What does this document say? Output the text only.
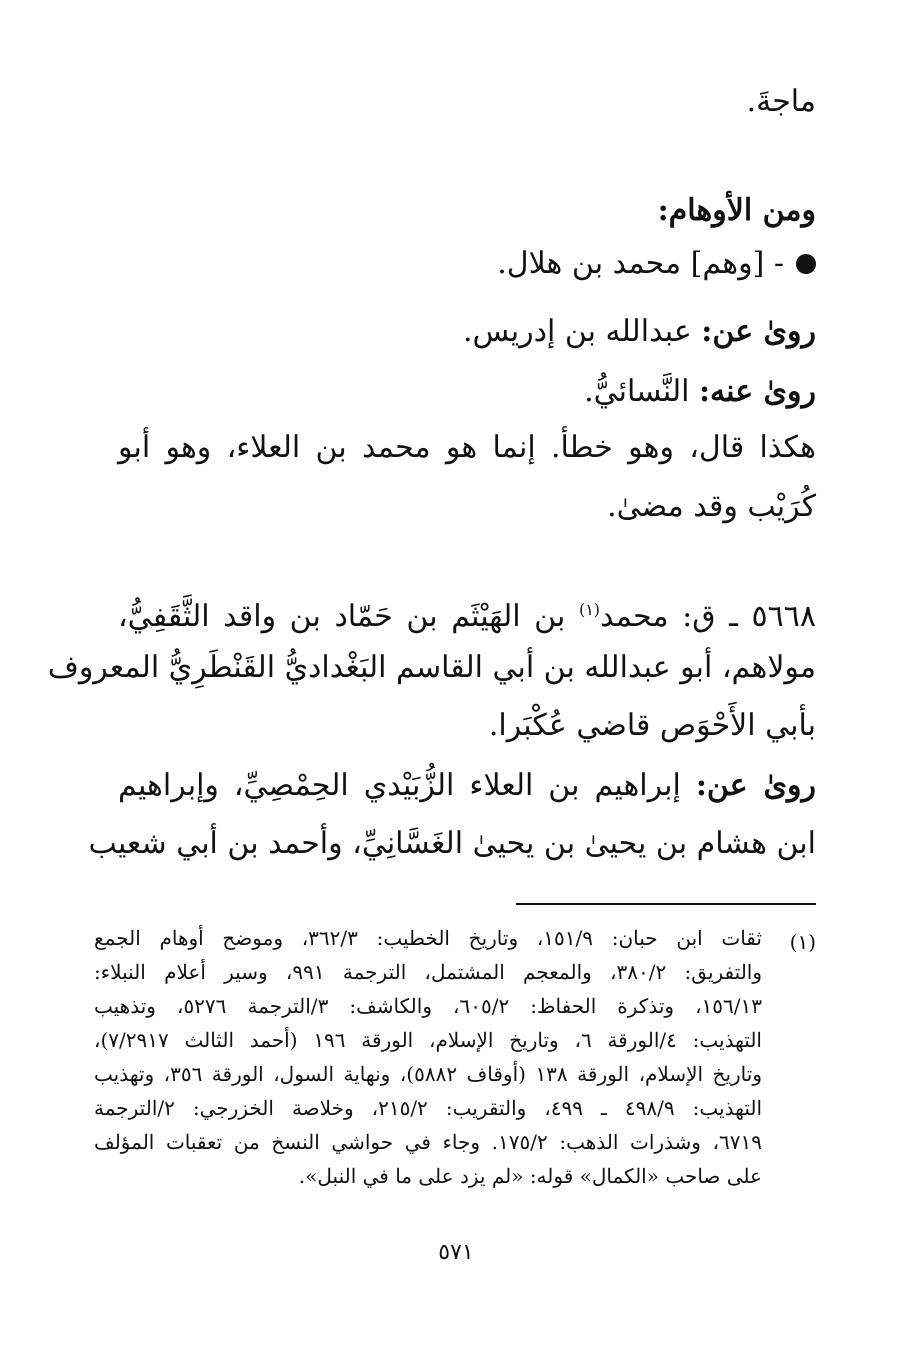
ماجةَ.
ومن الأوهام:
- [وهم] محمد بن هلال.
روىٰ عن: عبدالله بن إدريس.
روىٰ عنه: النَّسائيُّ.
هكذا قال، وهو خطأ. إنما هو محمد بن العلاء، وهو أبو
كُرَيْب وقد مضىٰ.
٥٦٦٨ ـ ق: محمد$^{(١)}$ بن الهَيْثَم بن حَمّاد بن واقد الثَّقَفِيُّ،
مولاهم، أبو عبدالله بن أبي القاسم البَغْداديُّ القَنْطَرِيُّ المعروف
بأبي الأَحْوَص قاضي عُكْبَرا.
روىٰ عن: إبراهيم بن العلاء الزُّبَيْدي الحِمْصِيِّ، وإبراهيم
ابن هشام بن يحيىٰ بن يحيىٰ الغَسَّانِيِّ، وأحمد بن أبي شعيب
(١)
ثقات ابن حبان: ١٥١/٩، وتاريخ الخطيب: ٣٦٢/٣، وموضح أوهام الجمع
والتفريق: ٣٨٠/٢، والمعجم المشتمل، الترجمة ٩٩١، وسير أعلام النبلاء:
١٥٦/١٣، وتذكرة الحفاظ: ٦٠٥/٢، والكاشف: ٣/الترجمة ٥٢٧٦، وتذهيب
التهذيب: ٤/الورقة ٦، وتاريخ الإسلام، الورقة ١٩٦ (أحمد الثالث ٧/٢٩١٧)،
وتاريخ الإسلام، الورقة ١٣٨ (أوقاف ٥٨٨٢)، ونهاية السول، الورقة ٣٥٦، وتهذيب
التهذيب: ٤٩٨/٩ ـ ٤٩٩، والتقريب: ٢١٥/٢، وخلاصة الخزرجي: ٢/الترجمة
٦٧١٩، وشذرات الذهب: ١٧٥/٢. وجاء في حواشي النسخ من تعقبات المؤلف
على صاحب «الكمال» قوله: «لم يزد على ما في النبل».
٥٧١
